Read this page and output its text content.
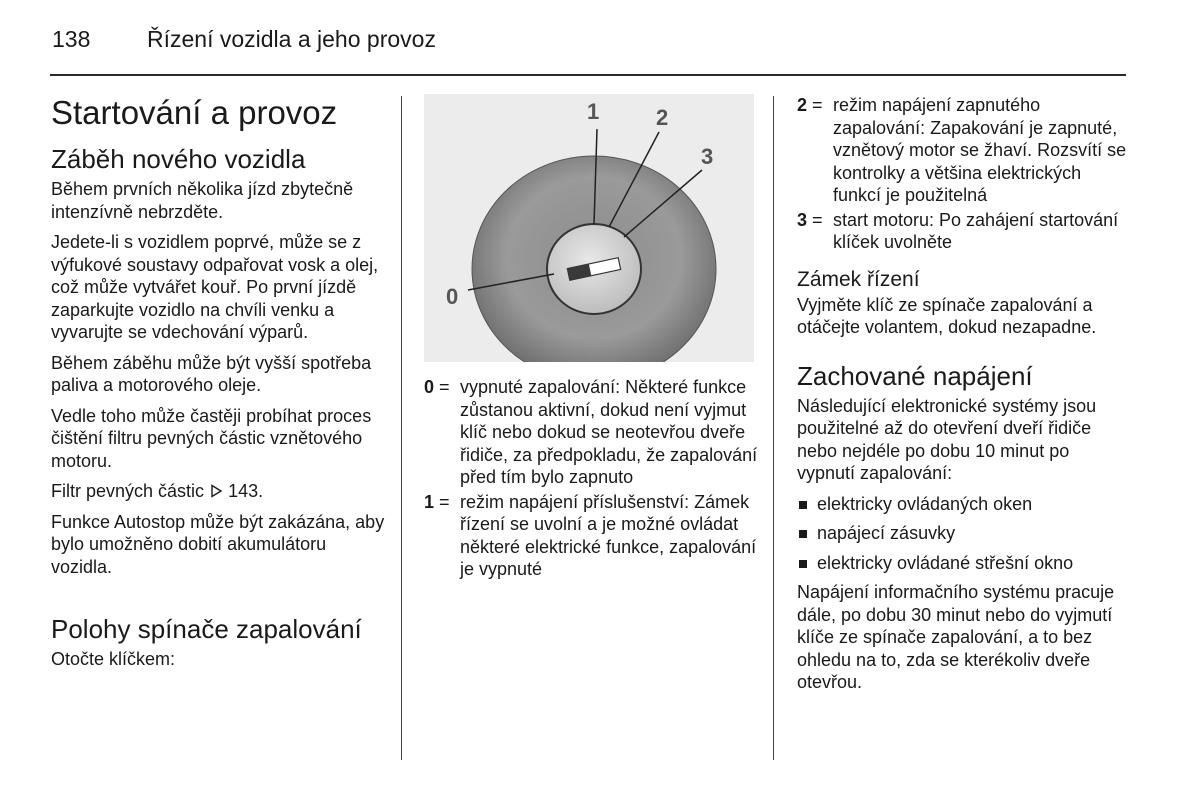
138 Řízení vozidla a jeho provoz
Startování a provoz
Záběh nového vozidla

Během prvních několika jízd zbytečně intenzívně nebrzděte.

Jedete-li s vozidlem poprvé, může se z výfukové soustavy odpařovat vosk a olej, což může vytvářet kouř. Po první jízdě zaparkujte vozidlo na chvíli venku a vyvarujte se vdechování výparů.

Během záběhu může být vyšší spotřeba paliva a motorového oleje.

Vedle toho může častěji probíhat proces čištění filtru pevných částic vznětového motoru.

Filtr pevných částic 143.

Funkce Autostop může být zakázána, aby bylo umožněno dobití akumulátoru vozidla.

Polohy spínače zapalování

Otočte klíčkem:

1	2
3
0
0 = vypnuté zapalování: Některé funkce zůstanou aktivní, dokud není vyjmut klíč nebo dokud se neotevřou dveře řidiče, za předpokladu, že zapalování před tím bylo zapnuto
1 = režim napájení příslušenství: Zámek řízení se uvolní a je možné ovládat některé elektrické funkce, zapalování je vypnuté
2 = režim napájení zapnutého zapalování: Zapakování je zapnuté, vznětový motor se žhaví. Rozsvítí se kontrolky a většina elektrických funkcí je použitelná
3 = start motoru: Po zahájení startování klíček uvolněte
Zámek řízení

Vyjměte klíč ze spínače zapalování a otáčejte volantem, dokud nezapadne.

Zachované napájení

Následující elektronické systémy jsou použitelné až do otevření dveří řidiče nebo nejdéle po dobu 10 minut po vypnutí zapalování:

elektricky ovládaných oken
napájecí zásuvky
elektricky ovládané střešní okno

Napájení informačního systému pracuje dále, po dobu 30 minut nebo do vyjmutí klíče ze spínače zapalování, a to bez ohledu na to, zda se kterékoliv dveře otevřou.
